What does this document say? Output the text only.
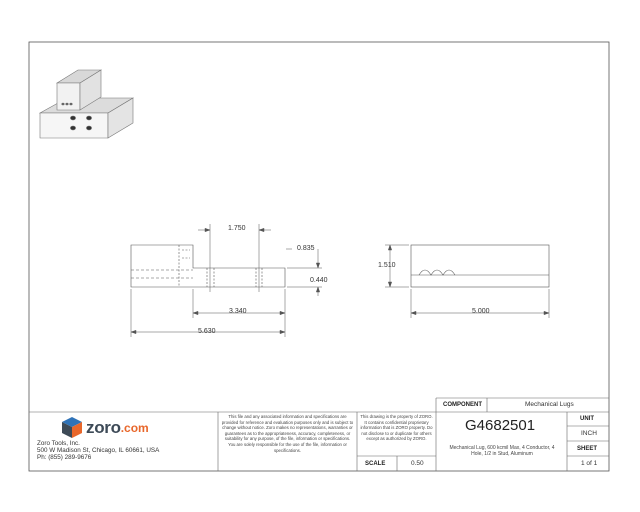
1.750
0.835
0.440
3.340
5.630
1.510
5.000
zoro .com
Zoro Tools, Inc.
500 W Madison St, Chicago, IL 60661, USA
Ph: (855) 289-9676
This file and any associated information and specifications are provided for reference and evaluation purposes only and is subject to change without notice. Zoro makes no representations, warranties or guarantees as to the appropriateness, accuracy, completeness, or suitability for any purpose, of the file, information or specifications. You are solely responsible for the use of the file, information or specifications.
This drawing is the property of ZORO. It contains confidential proprietary information that is ZORO property. Do not disclose to or duplicate for others except as authorized by ZORO.
COMPONENT	Mechanical Lugs
G4682501
Mechanical Lug, 600 kcmil Max, 4 Conductor, 4 Hole, 1/2 in Stud, Aluminum
SCALE	0.50
UNIT
INCH
SHEET
1 of 1
